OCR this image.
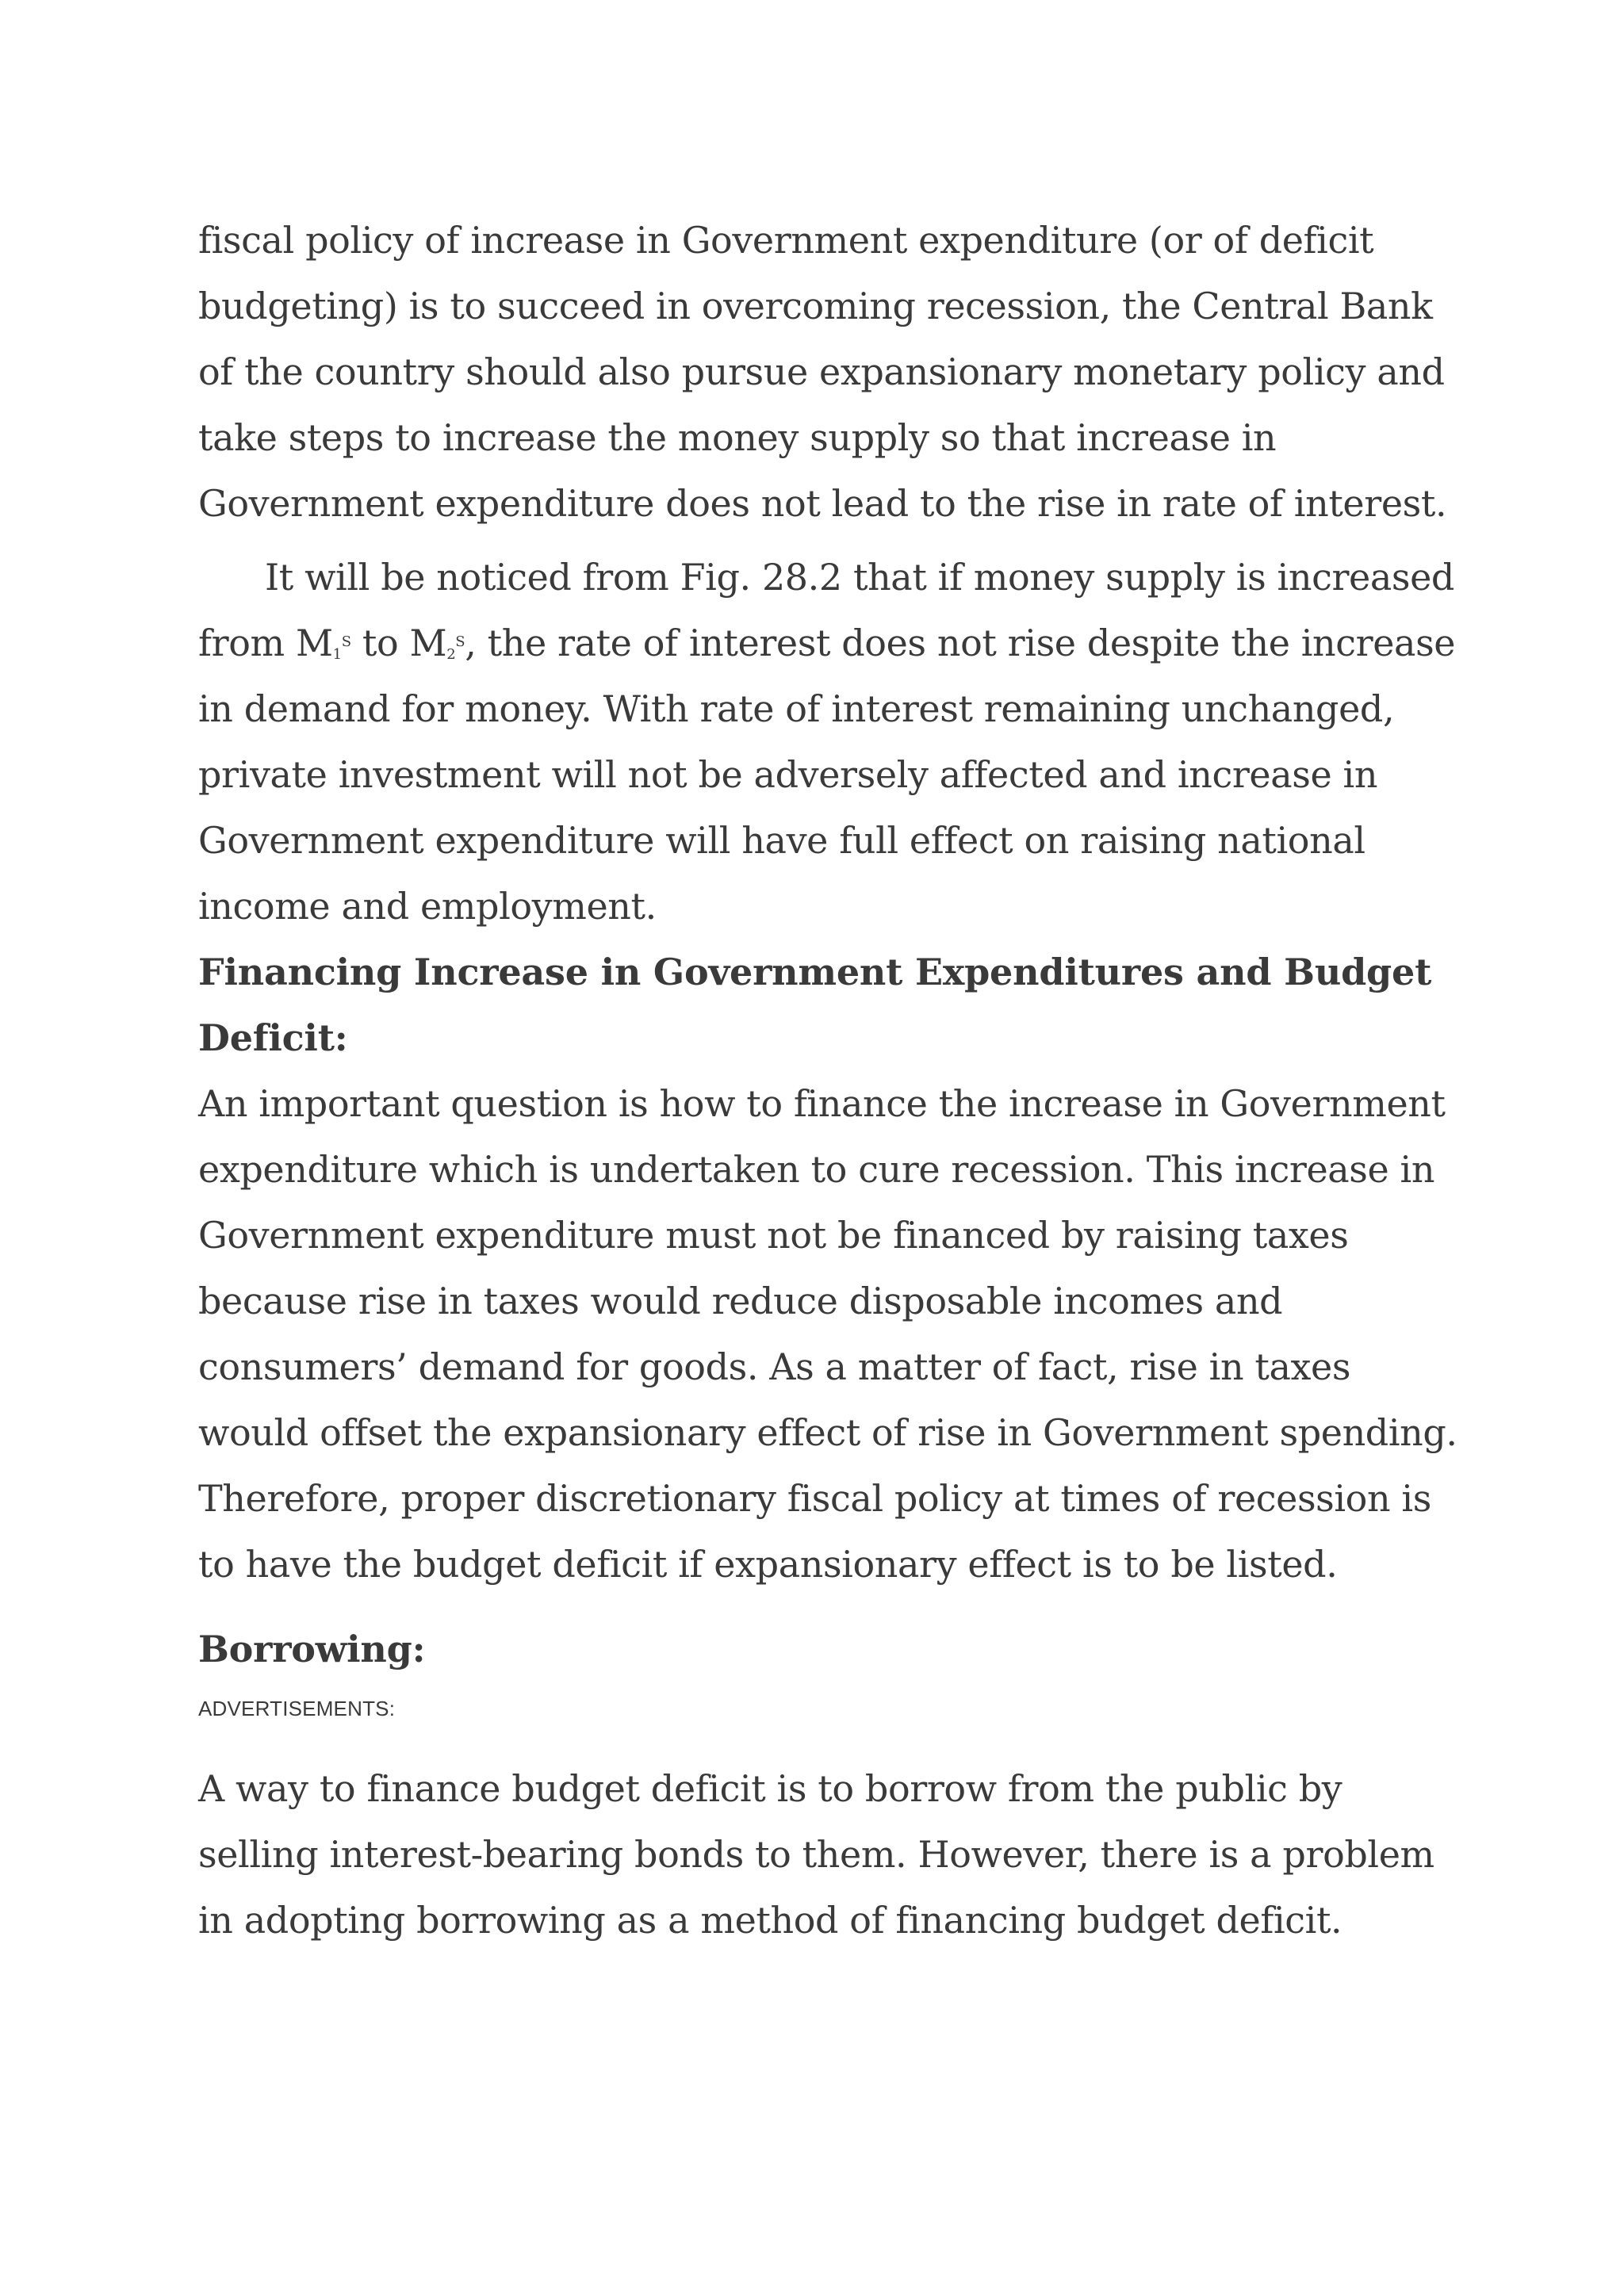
fiscal policy of increase in Government expenditure (or of deficit budgeting) is to succeed in overcoming recession, the Central Bank of the country should also pursue expansionary monetary policy and take steps to increase the money supply so that increase in Government expenditure does not lead to the rise in rate of interest.

It will be noticed from Fig. 28.2 that if money supply is increased from $M_1^S$ to $M_2^S$, the rate of interest does not rise despite the increase in demand for money. With rate of interest remaining unchanged, private investment will not be adversely affected and increase in Government expenditure will have full effect on raising national income and employment.

Financing Increase in Government Expenditures and Budget Deficit:

An important question is how to finance the increase in Government expenditure which is undertaken to cure recession. This increase in Government expenditure must not be financed by raising taxes because rise in taxes would reduce disposable incomes and consumers’ demand for goods. As a matter of fact, rise in taxes would offset the expansionary effect of rise in Government spending. Therefore, proper discretionary fiscal policy at times of recession is to have the budget deficit if expansionary effect is to be listed.

Borrowing:
ADVERTISEMENTS:

A way to finance budget deficit is to borrow from the public by selling interest-bearing bonds to them. However, there is a problem in adopting borrowing as a method of financing budget deficit.
